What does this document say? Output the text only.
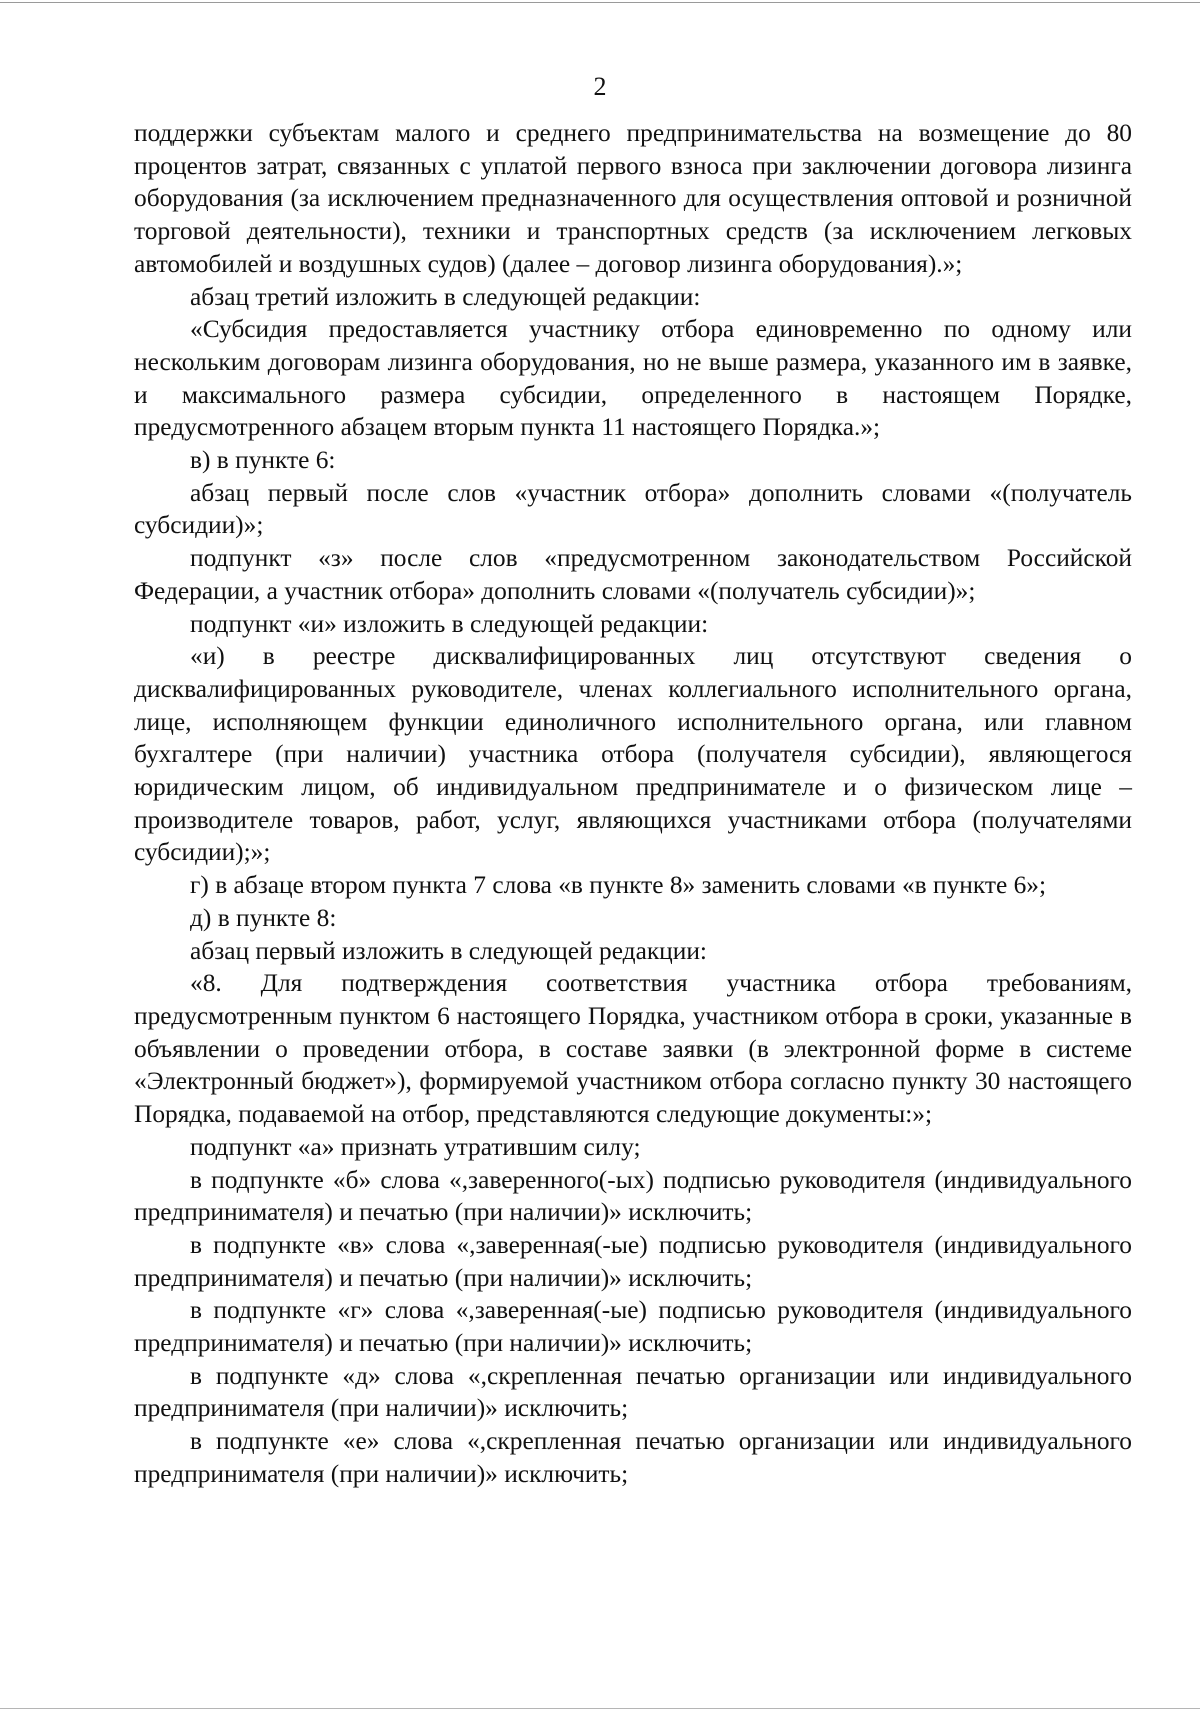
2

поддержки субъектам малого и среднего предпринимательства на возмещение до 80 процентов затрат, связанных с уплатой первого взноса при заключении договора лизинга оборудования (за исключением предназначенного для осуществления оптовой и розничной торговой деятельности), техники и транспортных средств (за исключением легковых автомобилей и воздушных судов) (далее – договор лизинга оборудования).»;

абзац третий изложить в следующей редакции:

«Субсидия предоставляется участнику отбора единовременно по одному или нескольким договорам лизинга оборудования, но не выше размера, указанного им в заявке, и максимального размера субсидии, определенного в настоящем Порядке, предусмотренного абзацем вторым пункта 11 настоящего Порядка.»;

в) в пункте 6:

абзац первый после слов «участник отбора» дополнить словами «(получатель субсидии)»;

подпункт «з» после слов «предусмотренном законодательством Российской Федерации, а участник отбора» дополнить словами «(получатель субсидии)»;

подпункт «и» изложить в следующей редакции:

«и) в реестре дисквалифицированных лиц отсутствуют сведения о дисквалифицированных руководителе, членах коллегиального исполнительного органа, лице, исполняющем функции единоличного исполнительного органа, или главном бухгалтере (при наличии) участника отбора (получателя субсидии), являющегося юридическим лицом, об индивидуальном предпринимателе и о физическом лице – производителе товаров, работ, услуг, являющихся участниками отбора (получателями субсидии);»;

г) в абзаце втором пункта 7 слова «в пункте 8» заменить словами «в пункте 6»;

д) в пункте 8:

абзац первый изложить в следующей редакции:

«8. Для подтверждения соответствия участника отбора требованиям, предусмотренным пунктом 6 настоящего Порядка, участником отбора в сроки, указанные в объявлении о проведении отбора, в составе заявки (в электронной форме в системе «Электронный бюджет»), формируемой участником отбора согласно пункту 30 настоящего Порядка, подаваемой на отбор, представляются следующие документы:»;

подпункт «а» признать утратившим силу;

в подпункте «б» слова «,заверенного(-ых) подписью руководителя (индивидуального предпринимателя) и печатью (при наличии)» исключить;

в подпункте «в» слова «,заверенная(-ые) подписью руководителя (индивидуального предпринимателя) и печатью (при наличии)» исключить;

в подпункте «г» слова «,заверенная(-ые) подписью руководителя (индивидуального предпринимателя) и печатью (при наличии)» исключить;

в подпункте «д» слова «,скрепленная печатью организации или индивидуального предпринимателя (при наличии)» исключить;

в подпункте «е» слова «,скрепленная печатью организации или индивидуального предпринимателя (при наличии)» исключить;
